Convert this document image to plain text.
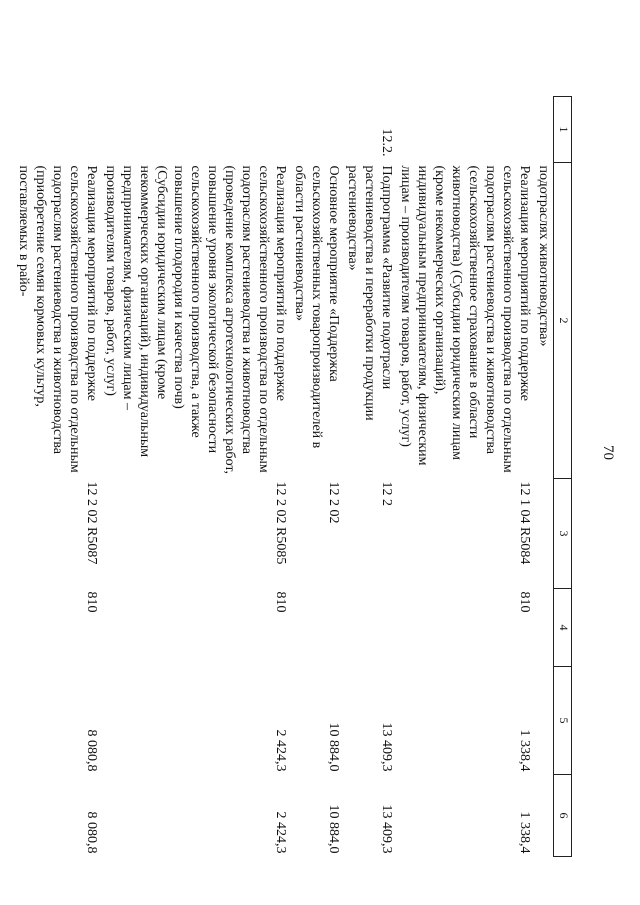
70
1	2	3	4	5	6
	подотраслях животноводства»				
	Реализация мероприятий по поддержке сельскохозяйственного производства по отдельным подотраслям растениеводства и животноводства (сельскохозяйственное страхование в области животноводства) (Субсидии юридическим лицам (кроме некоммерческих организаций), индивидуальным предпринимателям, физическим лицам – производителям товаров, работ, услуг)	12 1 04 R5084	810	1 338,4	1 338,4
12.2.	Подпрограмма «Развитие подотрасли растениеводства и переработки продукции растениеводства»	12 2		13 409,3	13 409,3
	Основное мероприятие «Поддержка сельскохозяйственных товаропроизводителей в области растениеводства»	12 2 02		10 884,0	10 884,0
	Реализация мероприятий по поддержке сельскохозяйственного производства по отдельным подотраслям растениеводства и животноводства (проведение комплекса агротехнологических работ, повышение уровня экологической безопасности сельскохозяйственного производства, а также повышение плодородия и качества почв) (Субсидии юридическим лицам (кроме некоммерческих организаций), индивидуальным предпринимателям, физическим лицам – производителям товаров, работ, услуг)	12 2 02 R5085	810	2 424,3	2 424,3
	Реализация мероприятий по поддержке сельскохозяйственного производства по отдельным подотраслям растениеводства и животноводства (приобретение семян кормовых культур, поставляемых в райо-	12 2 02 R5087	810	8 080,8	8 080,8
